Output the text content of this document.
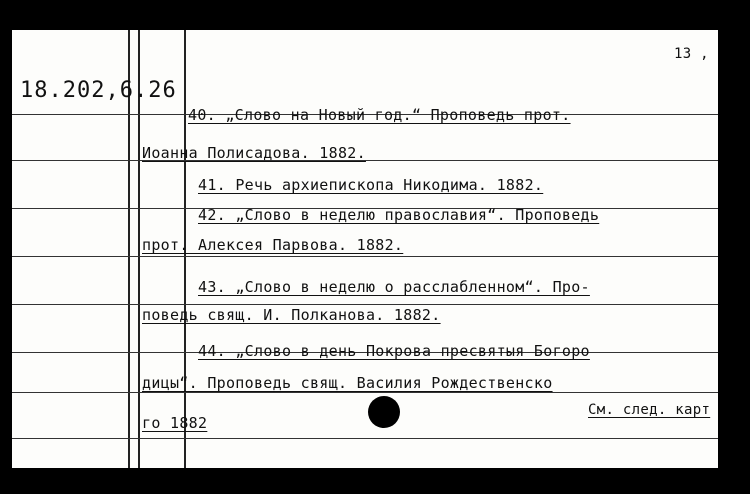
13 ,
18.202,6.26
40. „Слово на Новый год.“ Проповедь прот.
Иоанна Полисадова. 1882.
41. Речь архиепископа Никодима. 1882.
42. „Слово в неделю православия“. Проповедь
прот. Алексея Парвова. 1882.
43. „Слово в неделю о расслабленном“. Про-
поведь свящ. И. Полканова. 1882.
44. „Слово в день Покрова пресвятыя Богоро
дицы“. Проповедь свящ. Василия Рождественско
го 1882
См. след. карт
